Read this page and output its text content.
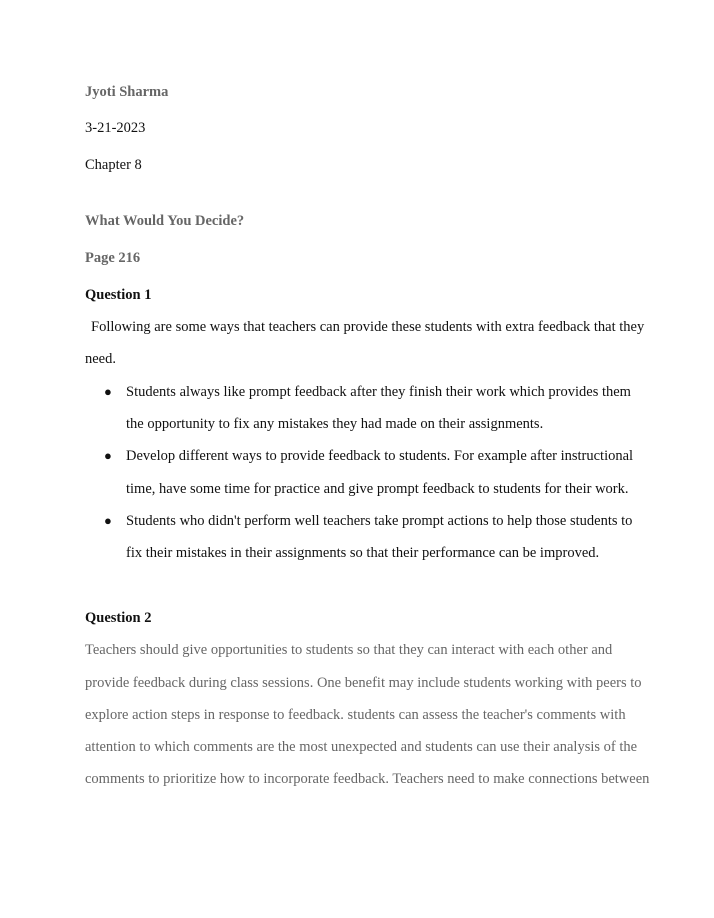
Jyoti Sharma
3-21-2023
Chapter 8
What Would You Decide?
Page 216
Question 1
Following are some ways that teachers can provide these students with extra feedback that they
need.
● Students always like prompt feedback after they finish their work which provides them
the opportunity to fix any mistakes they had made on their assignments.
● Develop different ways to provide feedback to students. For example after instructional
time, have some time for practice and give prompt feedback to students for their work.
● Students who didn't perform well teachers take prompt actions to help those students to
fix their mistakes in their assignments so that their performance can be improved.
Question 2
Teachers should give opportunities to students so that they can interact with each other and
provide feedback during class sessions. One benefit may include students working with peers to
explore action steps in response to feedback. students can assess the teacher's comments with
attention to which comments are the most unexpected and students can use their analysis of the
comments to prioritize how to incorporate feedback. Teachers need to make connections between
